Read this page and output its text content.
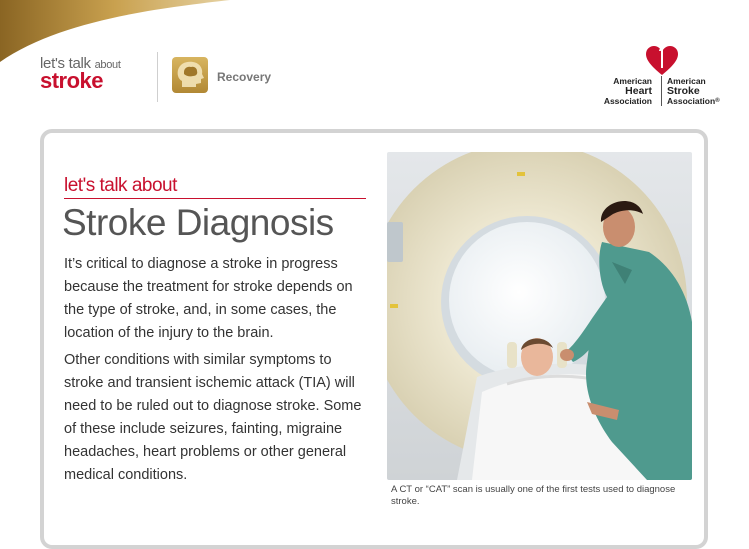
let's talk about
stroke	Recovery	American
Heart
Association
American
Stroke
Association®
let's talk about
Stroke Diagnosis

It’s critical to diagnose a stroke in progress because the treatment for stroke depends on the type of stroke, and, in some cases, the location of the injury to the brain.

Other conditions with similar symptoms to stroke and transient ischemic attack (TIA) will need to be ruled out to diagnose stroke. Some of these include seizures, fainting, migraine headaches, heart problems or other general medical conditions.

A CT or “CAT” scan is usually one of the first tests used to diagnose stroke.
